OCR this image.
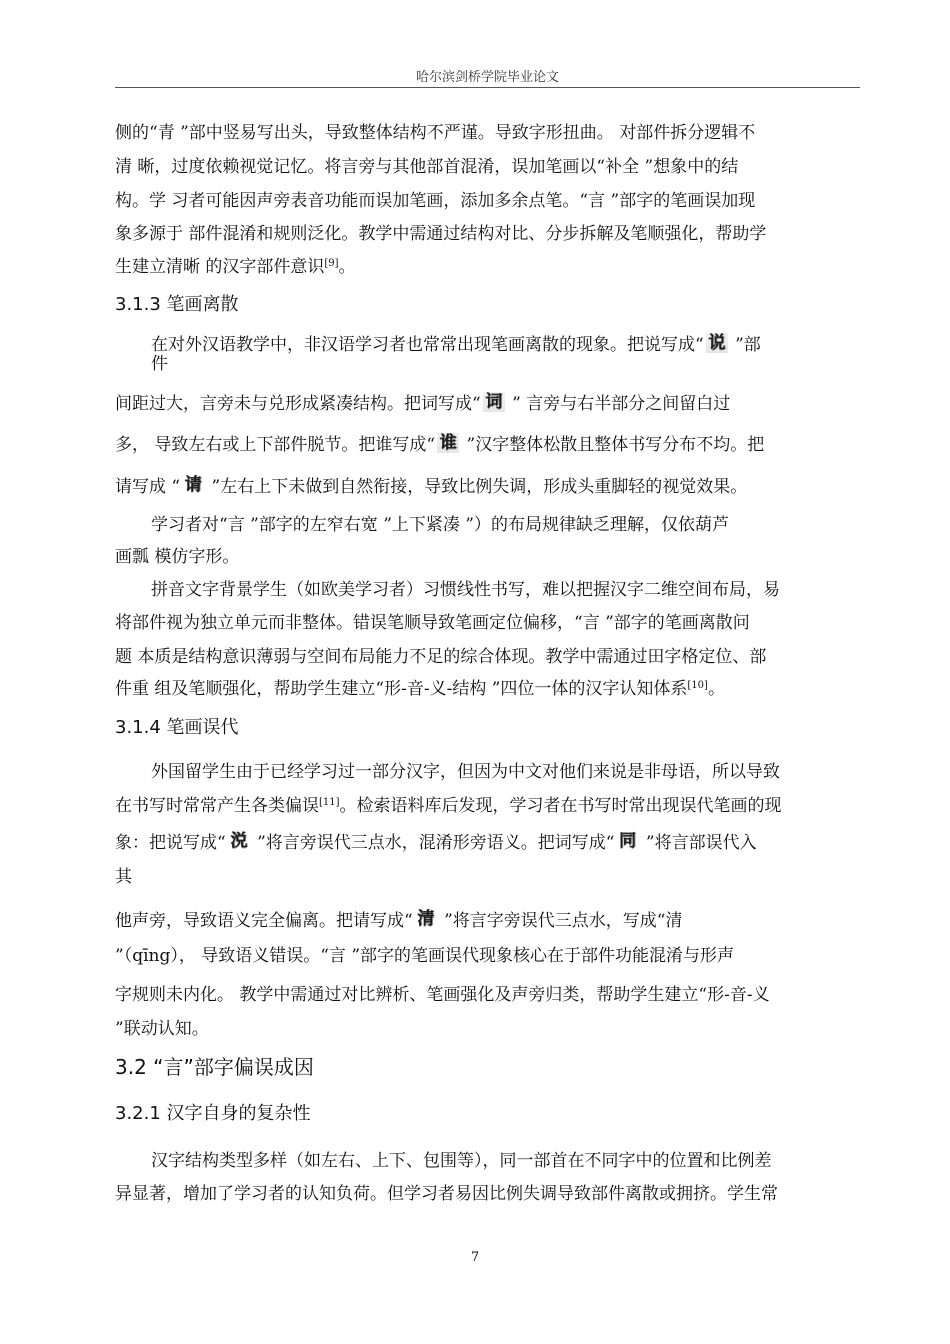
哈尔滨剑桥学院毕业论文
侧的“青 ”部中竖易写出头，导致整体结构不严谨。导致字形扭曲。 对部件拆分逻辑不
清 晰，过度依赖视觉记忆。将言旁与其他部首混淆，误加笔画以“补全 ”想象中的结
构。学 习者可能因声旁表音功能而误加笔画，添加多余点笔。“言 ”部字的笔画误加现
象多源于 部件混淆和规则泛化。教学中需通过结构对比、分步拆解及笔顺强化，帮助学
生建立清晰 的汉字部件意识[9]。
3.1.3 笔画离散
在对外汉语教学中，非汉语学习者也常常出现笔画离散的现象。把说写成“ 说 ”部
件
间距过大，言旁未与兑形成紧凑结构。把词写成“ 词 ” 言旁与右半部分之间留白过
多， 导致左右或上下部件脱节。把谁写成“ 谁 ”汉字整体松散且整体书写分布不均。把
请写成 “ 请 ”左右上下未做到自然衔接，导致比例失调，形成头重脚轻的视觉效果。
学习者对“言 ”部字的左窄右宽 ”上下紧凑 ”）的布局规律缺乏理解，仅依葫芦
画瓢 模仿字形。
拼音文字背景学生（如欧美学习者）习惯线性书写，难以把握汉字二维空间布局，易
将部件视为独立单元而非整体。错误笔顺导致笔画定位偏移，“言 ”部字的笔画离散问
题 本质是结构意识薄弱与空间布局能力不足的综合体现。教学中需通过田字格定位、部
件重 组及笔顺强化，帮助学生建立“形-音-义-结构 ”四位一体的汉字认知体系[10]。
3.1.4 笔画误代
外国留学生由于已经学习过一部分汉字，但因为中文对他们来说是非母语，所以导致
在书写时常常产生各类偏误[11]。检索语料库后发现，学习者在书写时常出现误代笔画的现
象：把说写成“ 涚 ”将言旁误代三点水，混淆形旁语义。把词写成“ 同 ”将言部误代入
其
他声旁，导致语义完全偏离。把请写成“ 清 ”将言字旁误代三点水，写成“清
”（qīng）， 导致语义错误。“言 ”部字的笔画误代现象核心在于部件功能混淆与形声
字规则未内化。 教学中需通过对比辨析、笔画强化及声旁归类，帮助学生建立“形-音-义
”联动认知。
3.2 “言”部字偏误成因
3.2.1 汉字自身的复杂性
汉字结构类型多样（如左右、上下、包围等），同一部首在不同字中的位置和比例差
异显著，增加了学习者的认知负荷。但学习者易因比例失调导致部件离散或拥挤。学生常
7
